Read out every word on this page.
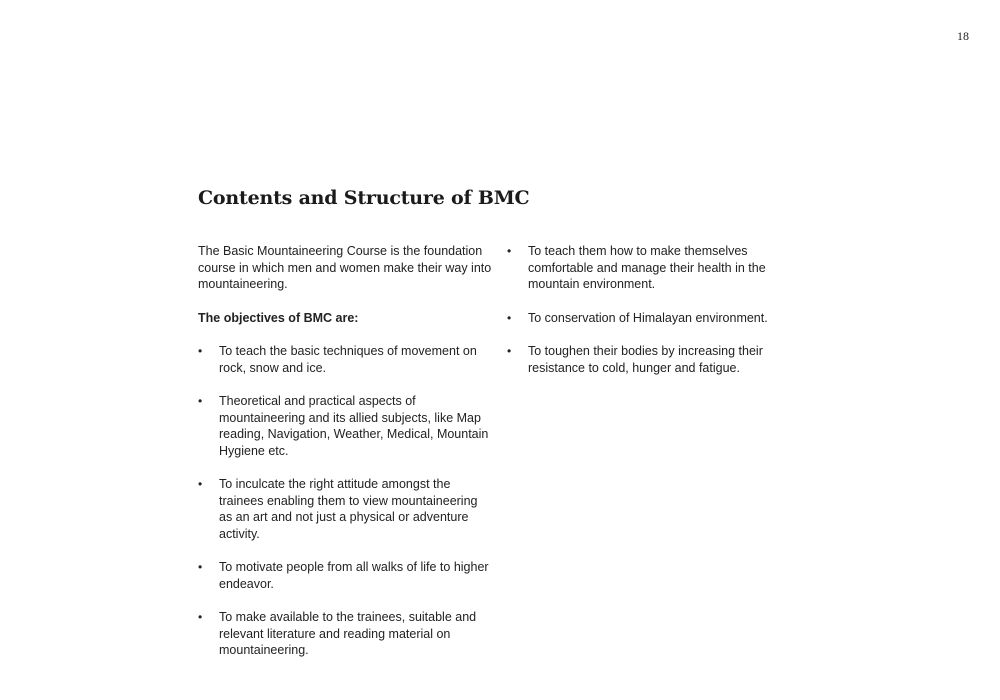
18
Contents and Structure of BMC

The Basic Mountaineering Course is the foundation course in which men and women make their way into mountaineering.

The objectives of BMC are:

•	To teach the basic techniques of movement on rock, snow and ice.
•	Theoretical and practical aspects of mountaineering and its allied subjects, like Map reading, Navigation, Weather, Medical, Mountain Hygiene etc.
•	To inculcate the right attitude amongst the trainees enabling them to view mountaineering as an art and not just a physical or adventure activity.
•	To motivate people from all walks of life to higher endeavor.
•	To make available to the trainees, suitable and relevant literature and reading material on mountaineering.
•	To teach them how to make themselves comfortable and manage their health in the mountain environment.
•	To conservation of Himalayan environment.
•	To toughen their bodies by increasing their resistance to cold, hunger and fatigue.
